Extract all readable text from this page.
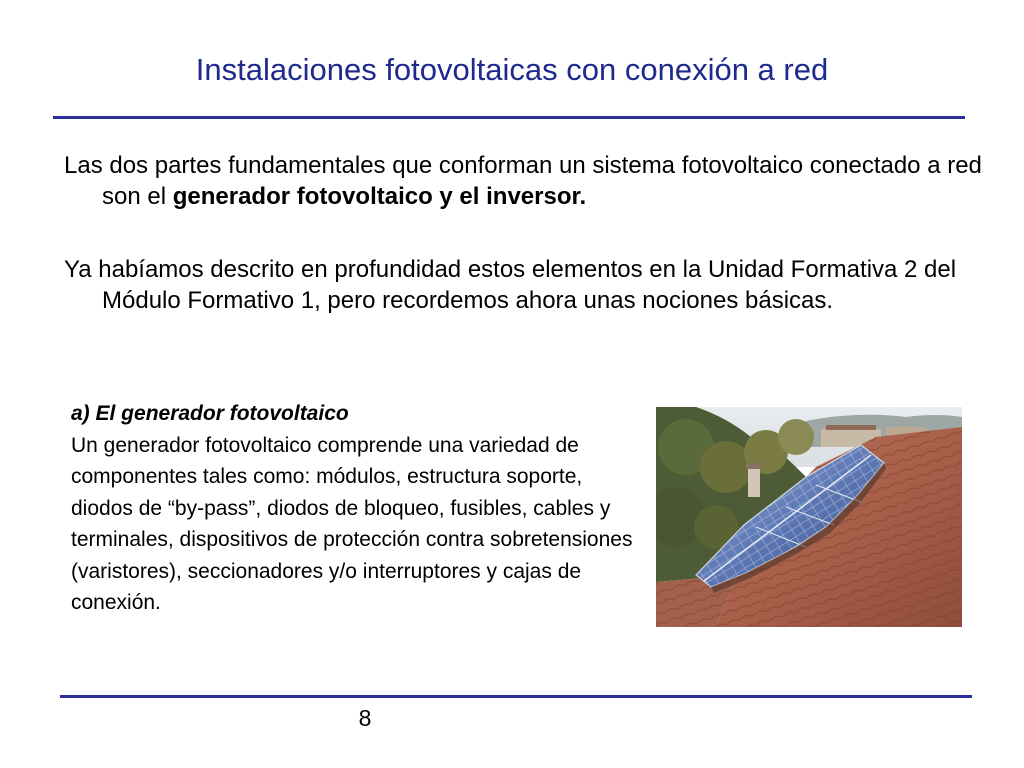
Instalaciones fotovoltaicas con conexión a red
Las dos partes fundamentales que conforman un sistema fotovoltaico conectado a red son el generador fotovoltaico y el inversor.
Ya habíamos descrito en profundidad estos elementos en la Unidad Formativa 2 del Módulo Formativo 1, pero recordemos ahora unas nociones básicas.
a) El generador fotovoltaico
Un generador fotovoltaico comprende una variedad de componentes tales como: módulos, estructura soporte, diodos de “by-pass”, diodos de bloqueo, fusibles, cables y terminales, dispositivos de protección contra sobretensiones (varistores), seccionadores y/o interruptores y cajas de conexión.
8
